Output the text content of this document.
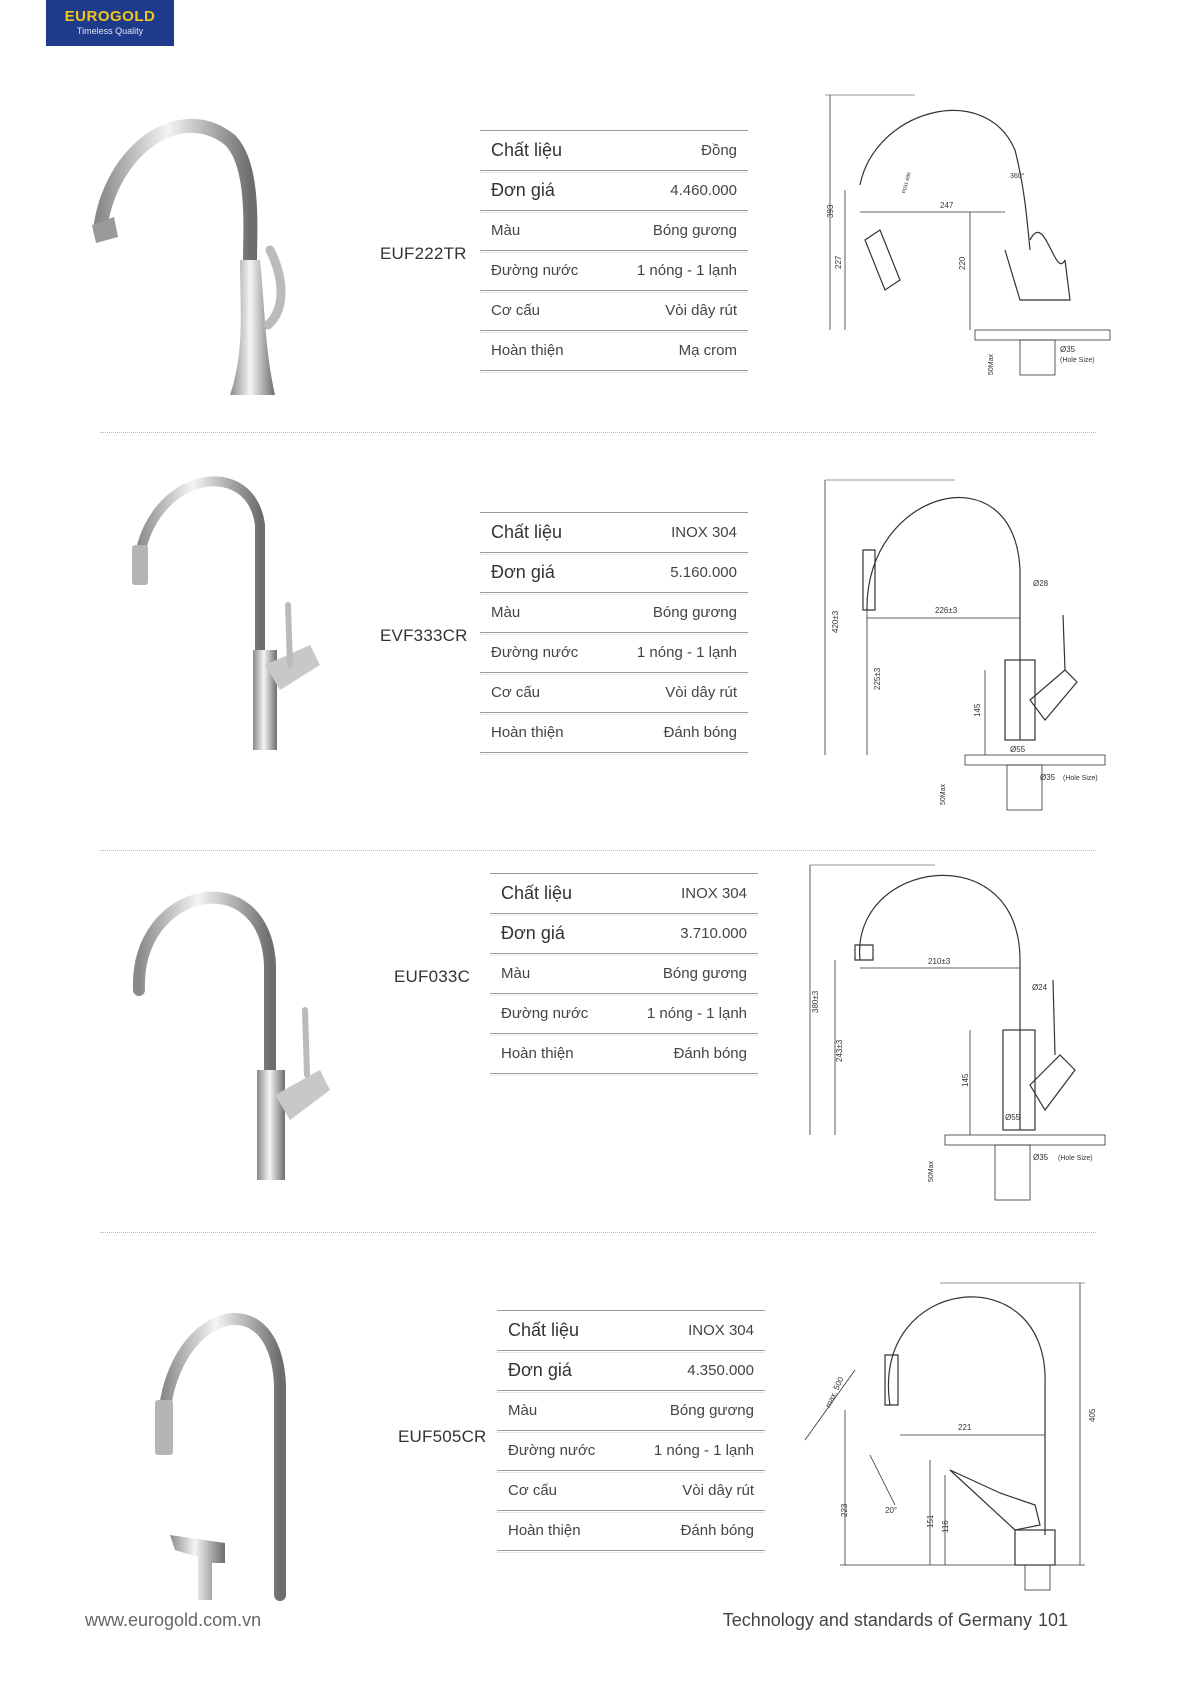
EUROGOLD
Timeless Quality
EUF222TR
Chất liệu	Đồng
Đơn giá	4.460.000
Màu	Bóng gương
Đường nước	1 nóng - 1 lạnh
Cơ cấu	Vòi dây rút
Hoàn thiện	Mạ crom
393
227
247
220
360°
P031-686
Ø35
(Hole Size)
50Max
EVF333CR
Chất liệu	INOX 304
Đơn giá	5.160.000
Màu	Bóng gương
Đường nước	1 nóng - 1 lạnh
Cơ cấu	Vòi dây rút
Hoàn thiện	Đánh bóng
420±3
225±3
226±3
145
Ø28
Ø55
Ø35 (Hole Size)
50Max
EUF033C
Chất liệu	INOX 304
Đơn giá	3.710.000
Màu	Bóng gương
Đường nước	1 nóng - 1 lạnh
Hoàn thiện	Đánh bóng
380±3
243±3
210±3
145
Ø24
Ø55
Ø35 (Hole Size)
50Max
EUF505CR
Chất liệu	INOX 304
Đơn giá	4.350.000
Màu	Bóng gương
Đường nước	1 nóng - 1 lạnh
Cơ cấu	Vòi dây rút
Hoàn thiện	Đánh bóng
405
223
221
max. 500
20°
151 116
www.eurogold.com.vn	Technology and standards of Germany 101
